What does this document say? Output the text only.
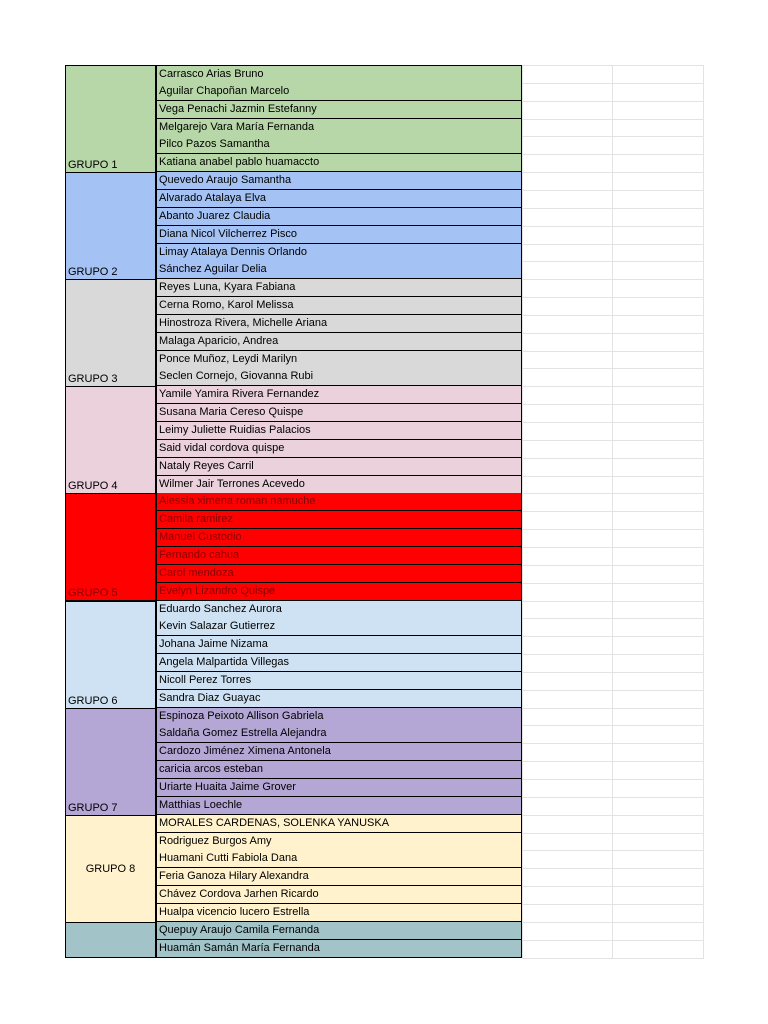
GRUPO 1
Carrasco Arias Bruno
Aguilar Chapoñan Marcelo
Vega Penachi Jazmin Estefanny
Melgarejo Vara María Fernanda
Pilco Pazos Samantha
Katiana anabel pablo huamaccto
GRUPO 2
Quevedo Araujo Samantha
Alvarado Atalaya Elva
Abanto Juarez Claudia
Diana Nicol Vilcherrez Pisco
Limay Atalaya Dennis Orlando
Sánchez Aguilar Delia
GRUPO 3
Reyes Luna, Kyara Fabiana
Cerna Romo, Karol Melissa
Hinostroza Rivera, Michelle Ariana
Malaga Aparicio, Andrea
Ponce Muñoz, Leydi Marilyn
Seclen Cornejo, Giovanna Rubi
GRUPO 4
Yamile Yamira Rivera Fernandez
Susana Maria Cereso Quispe
Leimy Juliette Ruidias Palacios
Said vidal cordova quispe
Nataly Reyes Carril
Wilmer Jair Terrones Acevedo
GRUPO 5
Alessia ximena roman namuche
Camila ramirez
Manuel Custodio
Fernando cahua
Carol mendoza
Evelyn Lizandro Quispe
GRUPO 6
Eduardo Sanchez Aurora
Kevin Salazar Gutierrez
Johana Jaime Nizama
Angela Malpartida Villegas
Nicoll Perez Torres
Sandra Diaz Guayac
GRUPO 7
Espinoza Peixoto Allison Gabriela
Saldaña Gomez Estrella Alejandra
Cardozo Jiménez Ximena Antonela
caricia arcos esteban
Uriarte Huaita Jaime Grover
Matthias Loechle
GRUPO 8
MORALES CARDENAS, SOLENKA YANUSKA
Rodriguez Burgos Amy
Huamani Cutti Fabiola Dana
Feria Ganoza Hilary Alexandra
Chávez Cordova Jarhen Ricardo
Hualpa vicencio lucero Estrella
Quepuy Araujo Camila Fernanda
Huamán Samán María Fernanda
